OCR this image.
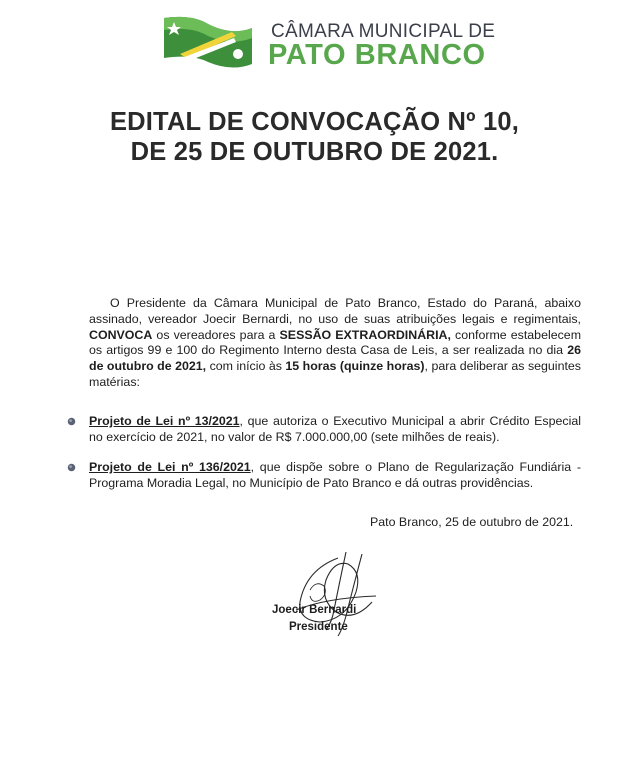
CÂMARA MUNICIPAL DE
PATO BRANCO
EDITAL DE CONVOCAÇÃO Nº 10,
DE 25 DE OUTUBRO DE 2021.
O Presidente da Câmara Municipal de Pato Branco, Estado do Paraná, abaixo assinado, vereador Joecir Bernardi, no uso de suas atribuições legais e regimentais, CONVOCA os vereadores para a SESSÃO EXTRAORDINÁRIA, conforme estabelecem os artigos 99 e 100 do Regimento Interno desta Casa de Leis, a ser realizada no dia 26 de outubro de 2021, com início às 15 horas (quinze horas), para deliberar as seguintes matérias:
Projeto de Lei nº 13/2021, que autoriza o Executivo Municipal a abrir Crédito Especial no exercício de 2021, no valor de R$ 7.000.000,00 (sete milhões de reais).
Projeto de Lei nº 136/2021, que dispõe sobre o Plano de Regularização Fundiária - Programa Moradia Legal, no Município de Pato Branco e dá outras providências.
Pato Branco, 25 de outubro de 2021.
Joecir Bernardi
Presidente
